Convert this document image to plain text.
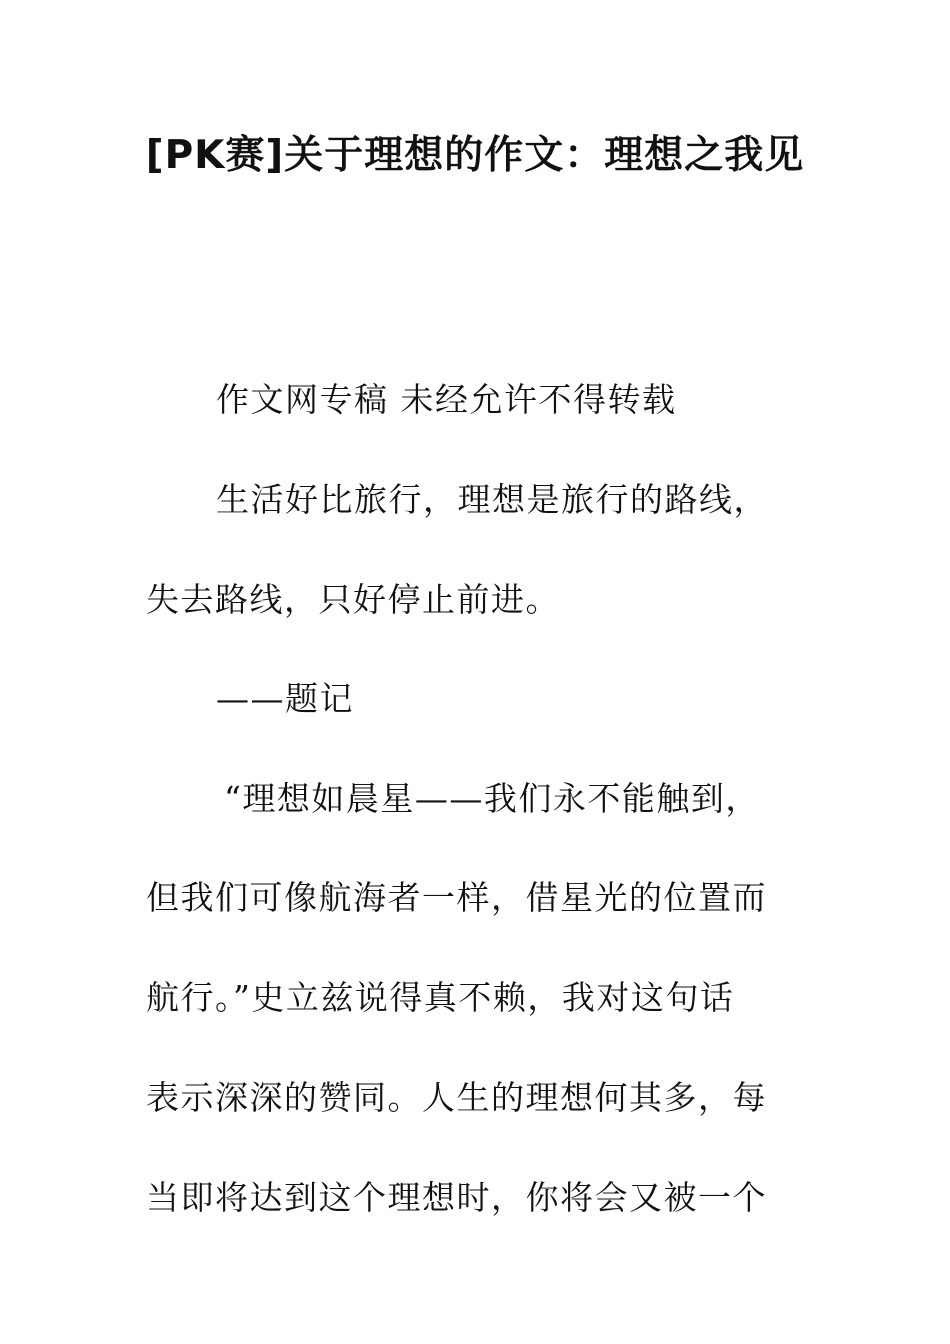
[PK赛]关于理想的作文：理想之我见
作文网专稿 未经允许不得转载
生活好比旅行，理想是旅行的路线，
失去路线，只好停止前进。
——题记
“理想如晨星——我们永不能触到，
但我们可像航海者一样，借星光的位置而
航行。”史立兹说得真不赖，我对这句话
表示深深的赞同。人生的理想何其多，每
当即将达到这个理想时，你将会又被一个
